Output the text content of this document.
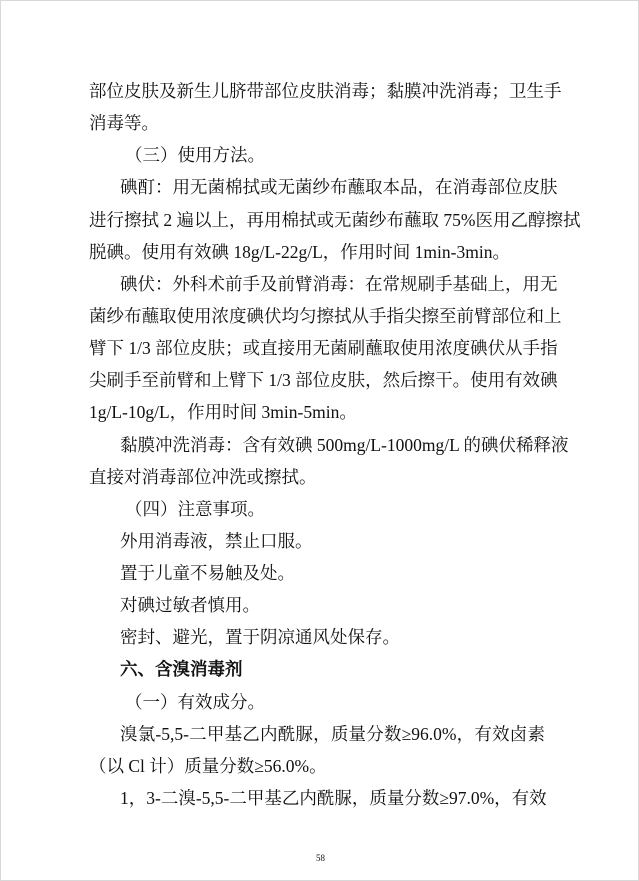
部位皮肤及新生儿脐带部位皮肤消毒；黏膜冲洗消毒；卫生手
消毒等。
（三）使用方法。
碘酊：用无菌棉拭或无菌纱布蘸取本品，在消毒部位皮肤
进行擦拭 2 遍以上，再用棉拭或无菌纱布蘸取 75%医用乙醇擦拭
脱碘。使用有效碘 18g/L-22g/L，作用时间 1min-3min。
碘伏：外科术前手及前臂消毒：在常规刷手基础上，用无
菌纱布蘸取使用浓度碘伏均匀擦拭从手指尖擦至前臂部位和上
臂下 1/3 部位皮肤；或直接用无菌刷蘸取使用浓度碘伏从手指
尖刷手至前臂和上臂下 1/3 部位皮肤，然后擦干。使用有效碘
1g/L-10g/L，作用时间 3min-5min。
黏膜冲洗消毒：含有效碘 500mg/L-1000mg/L 的碘伏稀释液
直接对消毒部位冲洗或擦拭。
（四）注意事项。
外用消毒液，禁止口服。
置于儿童不易触及处。
对碘过敏者慎用。
密封、避光，置于阴凉通风处保存。
六、含溴消毒剂
（一）有效成分。
溴氯-5,5-二甲基乙内酰脲，质量分数≥96.0%，有效卤素
（以 Cl 计）质量分数≥56.0%。
1，3-二溴-5,5-二甲基乙内酰脲，质量分数≥97.0%，有效
58
